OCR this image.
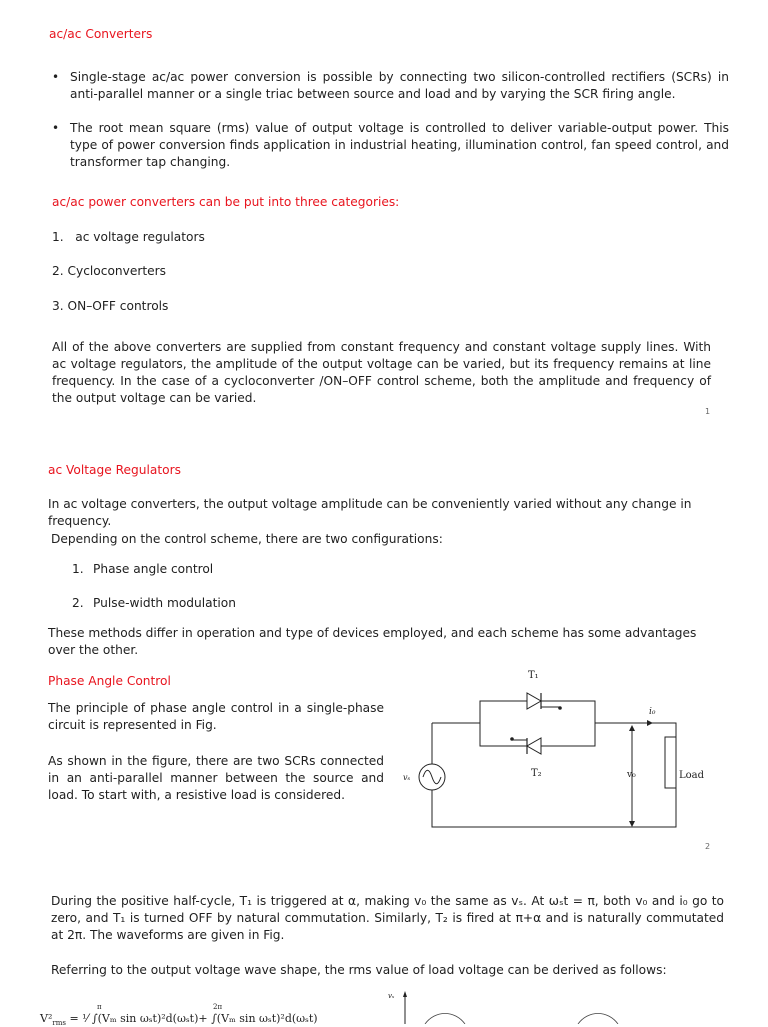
ac/ac Converters
• Single-stage ac/ac power conversion is possible by connecting two silicon-controlled rectifiers (SCRs) in anti-parallel manner or a single triac between source and load and by varying the SCR firing angle.
• The root mean square (rms) value of output voltage is controlled to deliver variable-output power. This type of power conversion finds application in industrial heating, illumination control, fan speed control, and transformer tap changing.
ac/ac power converters can be put into three categories:
1.   ac voltage regulators
2. Cycloconverters
3. ON–OFF controls
All of the above converters are supplied from constant frequency and constant voltage supply lines. With ac voltage regulators, the amplitude of the output voltage can be varied, but its frequency remains at line frequency. In the case of a cycloconverter /ON–OFF control scheme, both the amplitude and frequency of the output voltage can be varied.
1
ac Voltage Regulators
In ac voltage converters, the output voltage amplitude can be conveniently varied without any change in frequency.
Depending on the control scheme, there are two configurations:
1. Phase angle control
2. Pulse-width modulation
These methods differ in operation and type of devices employed, and each scheme has some advantages over the other.
Phase Angle Control
The principle of phase angle control in a single-phase circuit is represented in Fig.
As shown in the figure, there are two SCRs connected in an anti-parallel manner between the source and load. To start with, a resistive load is considered.
T₁
T₂
i₀
vₛ	v₀	Load
2
During the positive half-cycle, T₁ is triggered at α, making v₀ the same as vₛ. At ωₛt = π, both v₀ and i₀ go to zero, and T₁ is turned OFF by natural commutation. Similarly, T₂ is fired at π+α and is naturally commutated at 2π. The waveforms are given in Fig.
Referring to the output voltage wave shape, the rms value of load voltage can be derived as follows:
$V^2_{rms}$ = ¹⁄ ∫(Vₘ sin ωₛt)²d(ωₛt)+ ∫(Vₘ sin ωₛt)²d(ωₛt)
π	2π
vₛ
